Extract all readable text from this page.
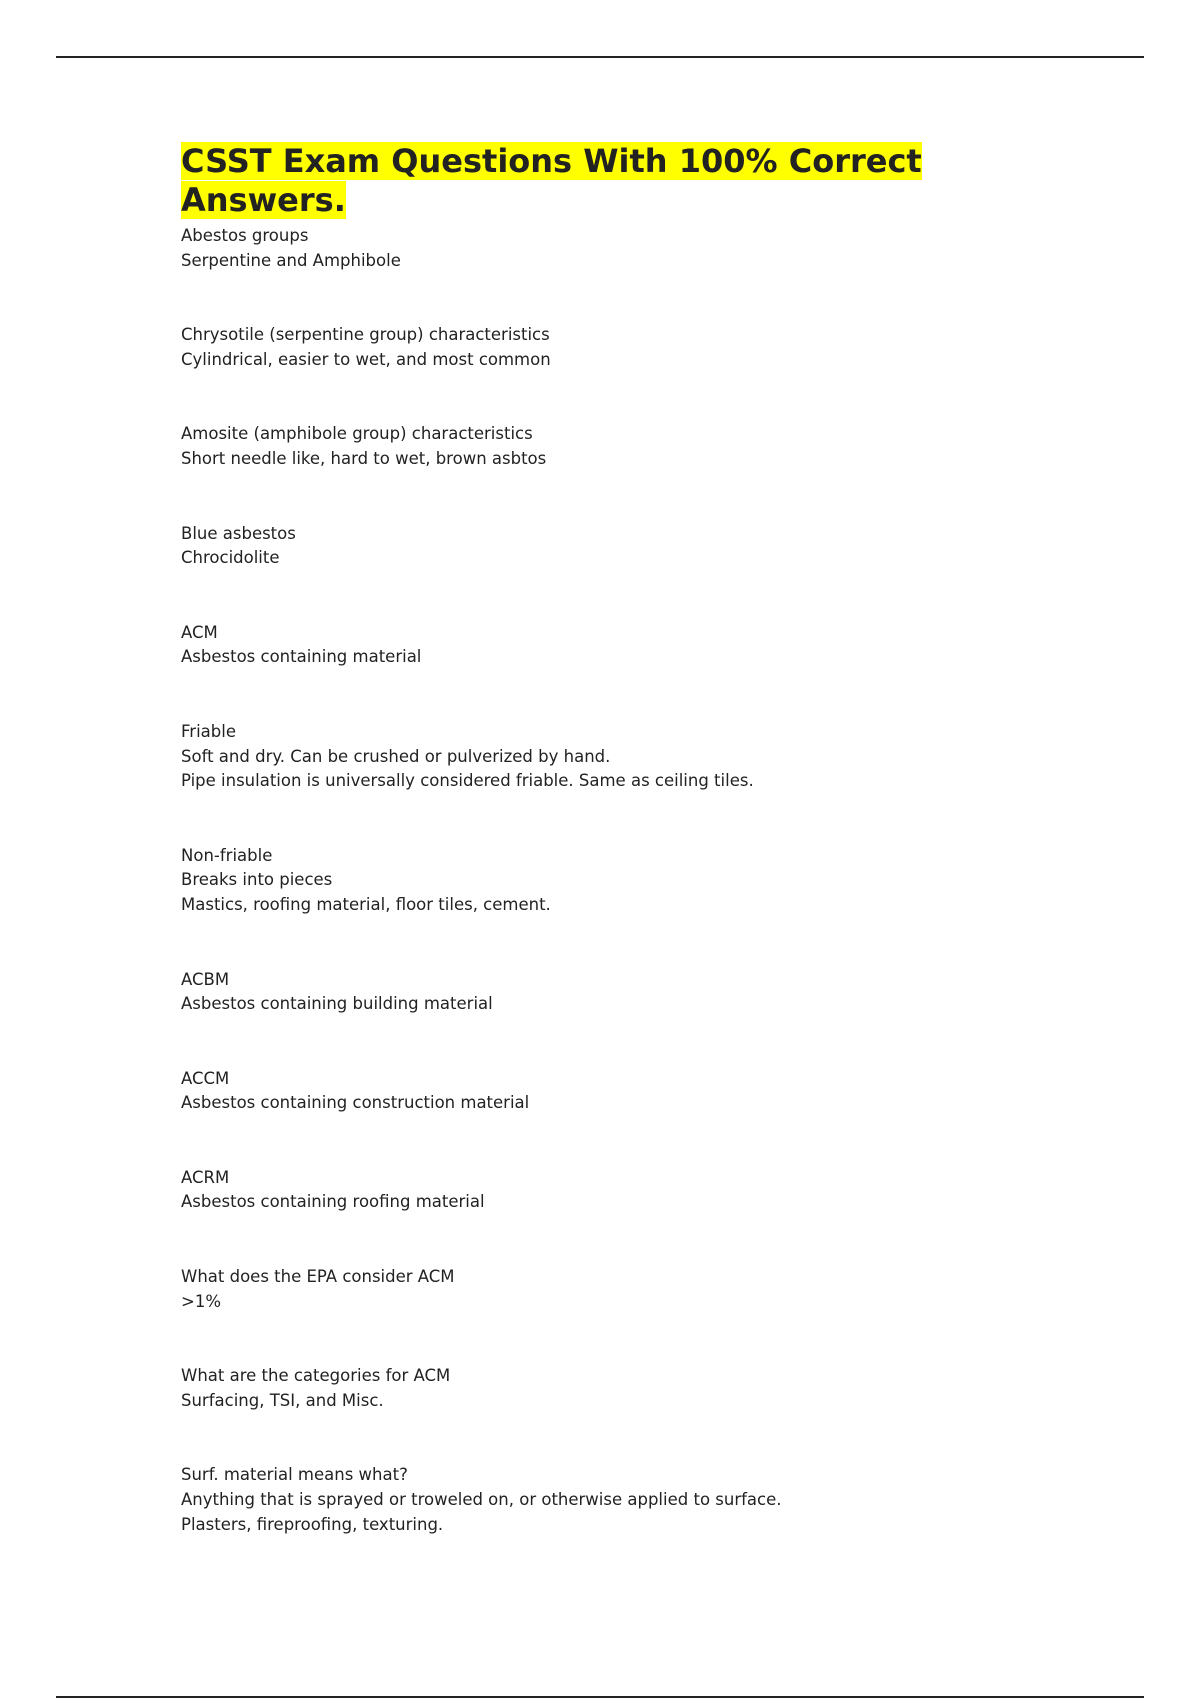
CSST Exam Questions With 100% Correct Answers.
Abestos groups
Serpentine and Amphibole
Chrysotile (serpentine group) characteristics
Cylindrical, easier to wet, and most common
Amosite (amphibole group) characteristics
Short needle like, hard to wet, brown asbtos
Blue asbestos
Chrocidolite
ACM
Asbestos containing material
Friable
Soft and dry. Can be crushed or pulverized by hand.
Pipe insulation is universally considered friable. Same as ceiling tiles.
Non-friable
Breaks into pieces
Mastics, roofing material, floor tiles, cement.
ACBM
Asbestos containing building material
ACCM
Asbestos containing construction material
ACRM
Asbestos containing roofing material
What does the EPA consider ACM
>1%
What are the categories for ACM
Surfacing, TSI, and Misc.
Surf. material means what?
Anything that is sprayed or troweled on, or otherwise applied to surface.
Plasters, fireproofing, texturing.
